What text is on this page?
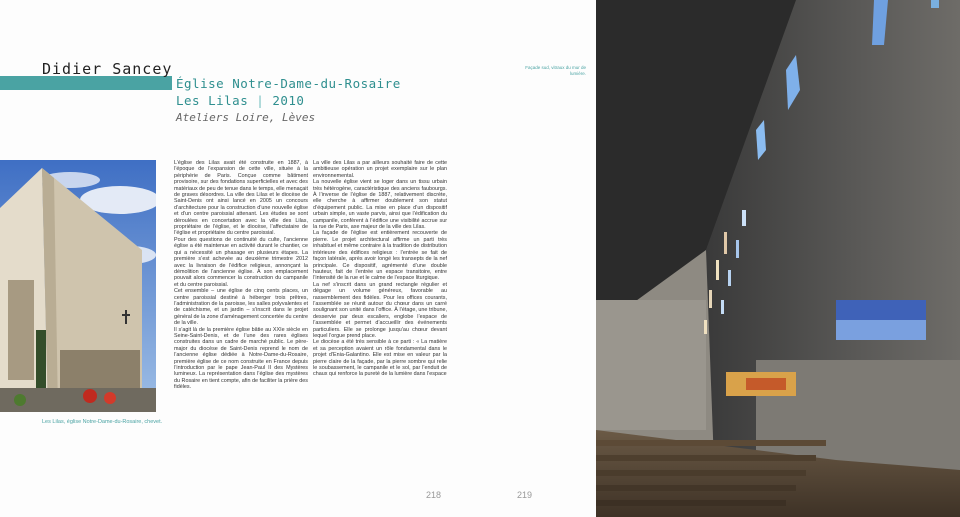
Didier Sancey
Église Notre-Dame-du-Rosaire
Les Lilas | 2010
Ateliers Loire, Lèves
Les Lilas, église Notre-Dame-du-Rosaire, chevet.

L’église des Lilas avait été construite en 1887, à l’époque de l’expansion de cette ville, située à la périphérie de Paris. Conçue comme bâtiment provisoire, sur des fondations superficielles et avec des matériaux de peu de tenue dans le temps, elle menaçait de graves désordres. La ville des Lilas et le diocèse de Saint-Denis ont ainsi lancé en 2005 un concours d’architecture pour la construction d’une nouvelle église et d’un centre paroissial attenant. Les études se sont déroulées en concertation avec la ville des Lilas, propriétaire de l’église, et le diocèse, l’affectataire de l’église et propriétaire du centre paroissial.

Pour des questions de continuité du culte, l’ancienne église a été maintenue en activité durant le chantier, ce qui a nécessité un phasage en plusieurs étapes. La première s’est achevée au deuxième trimestre 2012 avec la livraison de l’édifice religieux, annonçant la démolition de l’ancienne église. À son emplacement pouvait alors commencer la construction du campanile et du centre paroissial.

Cet ensemble – une église de cinq cents places, un centre paroissial destiné à héberger trois prêtres, l’administration de la paroisse, les salles polyvalentes et de catéchisme, et un jardin – s’inscrit dans le projet général de la zone d’aménagement concertée du centre de la ville.

Il s’agit là de la première église bâtie au XXIe siècle en Seine-Saint-Denis, et de l’une des rares églises construites dans un cadre de marché public. Le père-major du diocèse de Saint-Denis reprend le nom de l’ancienne église dédiée à Notre-Dame-du-Rosaire, première église de ce nom construite en France depuis l’introduction par le pape Jean-Paul II des Mystères lumineux. La représentation dans l’église des mystères du Rosaire en tient compte, afin de faciliter la prière des fidèles.

La ville des Lilas a par ailleurs souhaité faire de cette ambitieuse opération un projet exemplaire sur le plan environnemental.

La nouvelle église vient se loger dans un tissu urbain très hétérogène, caractéristique des anciens faubourgs. À l’inverse de l’église de 1887, relativement discrète, elle cherche à affirmer doublement son statut d’équipement public. La mise en place d’un dispositif urbain simple, un vaste parvis, ainsi que l’édification du campanile, confèrent à l’édifice une visibilité accrue sur la rue de Paris, axe majeur de la ville des Lilas.

La façade de l’église est entièrement recouverte de pierre. Le projet architectural affirme un parti très inhabituel et même contraire à la tradition de distribution intérieure des édifices religieux : l’entrée se fait de façon latérale, après avoir longé les transepts de la nef principale. Ce dispositif, agrémenté d’une double hauteur, fait de l’entrée un espace transitoire, entre l’intensité de la rue et le calme de l’espace liturgique.

La nef s’inscrit dans un grand rectangle régulier et dégage un volume généreux, favorable au rassemblement des fidèles. Pour les offices courants, l’assemblée se réunit autour du chœur dans un carré soulignant son unité dans l’office. À l’étage, une tribune, desservie par deux escaliers, englobe l’espace de l’assemblée et permet d’accueillir des événements particuliers. Elle se prolonge jusqu’au chœur devant lequel l’orgue prend place.

Le diocèse a été très sensible à ce parti : « La matière et sa perception avaient un rôle fondamental dans le projet d’Enia-Galantino. Elle est mise en valeur par la pierre claire de la façade, par la pierre sombre qui relie le soubassement, le campanile et le sol, par l’enduit de chaux qui renforce la pureté de la lumière dans l’espace

218
Façade sud, vitraux du mur de lumière.
219
